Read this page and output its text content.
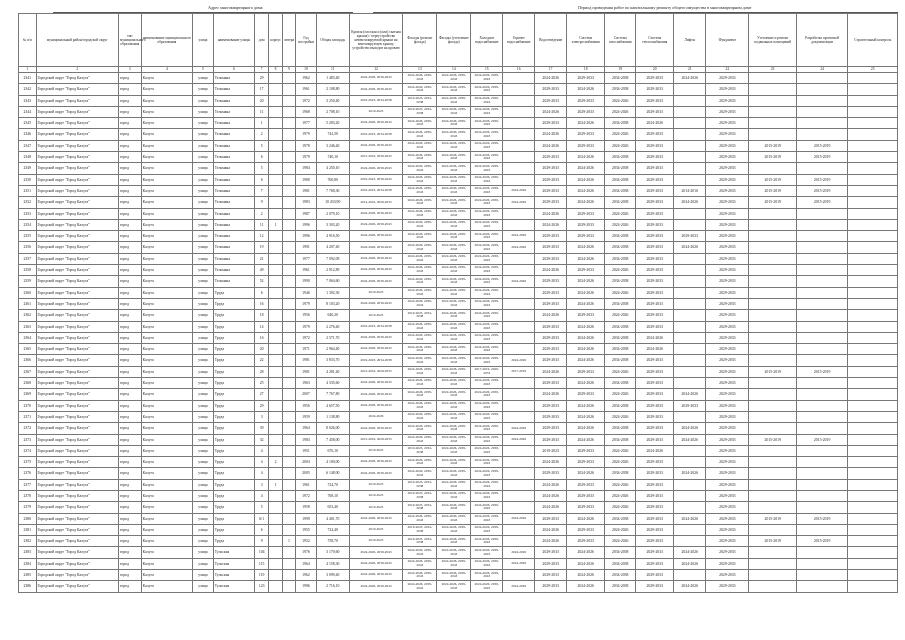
Адрес многоквартирного дома	Период проведения работ по капитальному ремонту общего имущества в многоквартирном доме
№ п/п	муниципальный район/городской округ	тип муниципального образования	наименование муниципального образования	улица	наименование улицы	дом	корпус	литера	Год постройки	Общая площадь	Кровля (плоская и (или) скатная крыша) / переустройство невентилируемой крыши на вентилируемую крышу, устройство выходов на кровлю	Фасады (ремонт фасада)	Фасады (утепление фасада)	Холодное водоснабжение	Горячее водоснабжение	Водоотведение	Система электроснабжения	Система газоснабжения	Система теплоснабжения	Лифты	Фундамент	Утепление и ремонт подвальных помещений	Разработка проектной документации	Строительный контроль
1	2	3	4	5	6	7	8	9	10	11	12	13	14	15	16	17	18	19	20	21	22	23	24	25
2341	Городской округ "Город Калуга"	город	Калуга	улица	Тельмана	29			1962	1 483,40	2024-2026, 2039-2043	2024-2026, 2039-2043	2024-2026, 2039-2043	2024-2026, 2039-2043		2024-2026	2029-2033	2034-2038	2029-2033	2024-2026	2029-2033			
2342	Городской округ "Город Калуга"	город	Калуга	улица	Тельмана	17			1961	2 108,80	2024-2026, 2039-2043	2024-2026, 2039-2043	2024-2026, 2039-2043	2024-2026, 2039-2043		2029-2033	2024-2026	2034-2038	2029-2033		2029-2033			
2343	Городской округ "Город Калуга"	город	Калуга	улица	Тельмана	20			1972	3 250,40	2019-2023, 2034-2038	2019-2023, 2034-2038	2024-2026, 2039-2043	2024-2026, 2039-2043		2029-2033	2029-2033	2024-2026	2029-2033		2029-2033			
2344	Городской округ "Город Калуга"	город	Калуга	улица	Тельмана	11			1968	2 708,10	2019-2023	2019-2023, 2034-2038	2024-2026, 2039-2043	2024-2026, 2039-2043		2024-2026	2029-2033	2024-2026	2029-2033		2029-2033			
2345	Городской округ "Город Калуга"	город	Калуга	улица	Тельмана	1			1977	5 283,20	2024-2026, 2039-2043	2024-2026, 2039-2043	2024-2026, 2039-2043	2024-2026, 2039-2043		2029-2033	2024-2026	2034-2038	2024-2026		2029-2033			
2346	Городской округ "Город Калуга"	город	Калуга	улица	Тельмана	2			1979	742,50	2019-2023, 2034-2038	2024-2026, 2039-2043	2024-2026, 2039-2043	2024-2026, 2039-2043		2024-2026	2029-2033	2024-2026	2029-2033		2029-2033			
2347	Городской округ "Город Калуга"	город	Калуга	улица	Тельмана	5			1978	3 246,40	2024-2026, 2039-2043	2024-2026, 2039-2043	2024-2026, 2039-2043	2024-2026, 2039-2043		2024-2026	2029-2033	2024-2026	2029-2033		2029-2033	2015-2019	2015-2019	
2348	Городской округ "Город Калуга"	город	Калуга	улица	Тельмана	6			1979	740,10	2015-2016, 2039-2043	2024-2026, 2039-2043	2024-2026, 2039-2043	2024-2026, 2039-2043		2029-2033	2024-2026	2034-2038	2029-2033		2029-2033	2015-2019	2015-2019	
2349	Городской округ "Город Калуга"	город	Калуга	улица	Тельмана	5			1984	4 250,10	2024-2026, 2039-2043	2024-2026, 2039-2043	2024-2026, 2039-2043	2024-2026, 2039-2043		2029-2033	2024-2026	2034-2038	2029-2033		2029-2033			
2350	Городской округ "Город Калуга"	город	Калуга	улица	Тельмана	6			1980	760,80	2019-2023, 2039-2043	2024-2026, 2039-2043	2024-2026, 2039-2043	2024-2026, 2039-2043		2029-2033	2024-2026	2034-2038	2029-2033		2029-2033	2015-2019	2015-2019	
2351	Городской округ "Город Калуга"	город	Калуга	улица	Тельмана	7			1981	7 768,30	2019-2023, 2034-2038	2024-2026, 2039-2043	2024-2026, 2039-2043	2024-2026, 2039-2043	2024-2026	2029-2033	2024-2026	2034-2038	2029-2033	2014-2016	2029-2033	2015-2019	2015-2019	
2352	Городской округ "Город Калуга"	город	Калуга	улица	Тельмана	9			1983	10 433,90	2014-2016, 2029-2033	2024-2026, 2039-2043	2024-2026, 2039-2043	2024-2026, 2039-2043	2024-2026	2029-2033	2024-2026	2034-2038	2029-2033	2024-2026	2029-2033	2015-2019	2015-2019	
2353	Городской округ "Город Калуга"	город	Калуга	улица	Тельмана	2			1987	2 079,10	2024-2026, 2039-2043	2024-2026, 2039-2043	2024-2026, 2039-2043	2024-2026, 2039-2043		2024-2026	2029-2033	2024-2026	2029-2033		2029-2033			
2354	Городской округ "Город Калуга"	город	Калуга	улица	Тельмана	11	1		1996	3 303,20	2024-2026, 2039-2043	2024-2026, 2039-2043	2024-2026, 2039-2043	2024-2026, 2039-2043		2024-2026	2029-2033	2024-2026	2029-2033		2029-2033			
2355	Городской округ "Город Калуга"	город	Калуга	улица	Тельмана	12			1996	4 916,50	2024-2026, 2039-2043	2024-2026, 2039-2043	2024-2026, 2039-2043	2024-2026, 2039-2043	2024-2026	2029-2033	2029-2033	2034-2038	2029-2033	2029-2033	2029-2033			
2356	Городской округ "Город Калуга"	город	Калуга	улица	Тельмана	19			1991	4 207,40	2024-2026, 2039-2043	2024-2026, 2039-2043	2024-2026, 2039-2043	2024-2026, 2039-2043	2024-2026	2029-2033	2024-2026	2034-2038	2029-2033	2024-2026	2029-2033			
2357	Городской округ "Город Калуга"	город	Калуга	улица	Тельмана	21			1977	7 092,09	2024-2026, 2039-2043	2024-2026, 2039-2043	2024-2026, 2039-2043	2024-2026, 2039-2043		2029-2033	2024-2026	2034-2038	2029-2033		2029-2033			
2358	Городской округ "Город Калуга"	город	Калуга	улица	Тельмана	49			1961	2 912,89	2024-2026, 2039-2043	2024-2026, 2039-2043	2024-2026, 2039-2043	2024-2026, 2039-2043		2024-2026	2029-2033	2024-2026	2029-2033		2029-2033			
2359	Городской округ "Город Калуга"	город	Калуга	улица	Тельмана	52			1990	7 064,60	2024-2026, 2039-2043	2024-2026, 2039-2043	2024-2026, 2039-2043	2024-2026, 2039-2043	2024-2026	2029-2033	2024-2026	2034-2038	2029-2033		2029-2033			
2360	Городской округ "Город Калуга"	город	Калуга	улица	Труда	6			1946	1 392,30	2019-2023	2024-2026, 2039-2043	2024-2026, 2039-2043	2024-2026, 2039-2043		2029-2033	2024-2026	2024-2026	2029-2033		2029-2033			
2361	Городской округ "Город Калуга"	город	Калуга	улица	Труда	16			1979	8 103,20	2024-2026, 2039-2043	2024-2026, 2039-2043	2024-2026, 2039-2043	2024-2026, 2039-2043		2029-2033	2024-2026	2034-2038	2029-2033		2029-2033			
2362	Городской округ "Город Калуга"	город	Калуга	улица	Труда	18			1956	640,20	2019-2023	2019-2023, 2034-2038	2024-2026, 2039-2043	2024-2026, 2039-2043		2024-2026	2029-2033	2024-2026	2029-2033		2029-2033			
2363	Городской округ "Город Калуга"	город	Калуга	улица	Труда	14			1979	2 276,40	2019-2023, 2034-2038	2024-2026, 2039-2043	2024-2026, 2039-2043	2024-2026, 2039-2043		2029-2033	2024-2026	2034-2038	2029-2033		2029-2033			
2364	Городской округ "Город Калуга"	город	Калуга	улица	Труда	16			1972	2 571,70	2024-2026, 2039-2043	2024-2026, 2039-2043	2024-2026, 2039-2043	2024-2026, 2039-2043		2029-2033	2024-2026	2034-2038	2024-2026		2029-2033			
2365	Городской округ "Город Калуга"	город	Калуга	улица	Труда	20			1971	2 964,40	2024-2026, 2039-2043	2024-2026, 2039-2043	2024-2026, 2039-2043	2024-2026, 2039-2043		2029-2033	2024-2026	2034-2038	2024-2026		2029-2033			
2366	Городской округ "Город Калуга"	город	Калуга	улица	Труда	22			1981	3 833,70	2019-2023, 2034-2038	2024-2026, 2039-2043	2024-2026, 2039-2043	2024-2026, 2039-2043	2024-2026	2029-2033	2024-2026	2034-2038	2029-2033		2029-2033			
2367	Городской округ "Город Калуга"	город	Калуга	улица	Труда	28			1981	4 281,40	2015-2016, 2029-2033	2024-2026, 2039-2043	2024-2026, 2039-2043	2017-2019, 2029-2033	2017-2019	2024-2026	2029-2033	2024-2026	2029-2033		2029-2033	2015-2019	2015-2019	
2368	Городской округ "Город Калуга"	город	Калуга	улица	Труда	25			1963	4 335,60	2024-2026, 2039-2043	2024-2026, 2039-2043	2024-2026, 2039-2043	2024-2026, 2039-2043		2029-2033	2024-2026	2034-2038	2029-2033		2029-2033			
2369	Городской округ "Город Калуга"	город	Калуга	улица	Труда	27			2007	7 767,80	2024-2026, 2039-2043	2024-2026, 2039-2043	2024-2026, 2039-2043	2024-2026, 2039-2043		2024-2026	2029-2033	2024-2026	2029-2033	2024-2026	2029-2033			
2370	Городской округ "Город Калуга"	город	Калуга	улица	Труда	29			1956	4 657,50	2024-2026, 2039-2043	2024-2026, 2039-2043	2024-2026, 2039-2043	2024-2026, 2039-2043		2029-2033	2024-2026	2034-2038	2029-2033	2029-2033	2029-2033			
2371	Городской округ "Город Калуга"	город	Калуга	улица	Труда	3			1959	1 138,80	2024-2026	2024-2026, 2039-2043	2024-2026, 2039-2043	2024-2026, 2039-2043		2029-2033	2024-2026	2024-2026	2029-2033		2029-2033			
2372	Городской округ "Город Калуга"	город	Калуга	улица	Труда	39			1964	8 026,00	2024-2026, 2039-2043	2024-2026, 2039-2043	2024-2026, 2039-2043	2024-2026, 2039-2043	2024-2026	2029-2033	2024-2026	2034-2038	2029-2033	2024-2026	2029-2033			
2373	Городской округ "Город Калуга"	город	Калуга	улица	Труда	32			1983	7 458,00	2015-2016, 2029-2033	2024-2026, 2039-2043	2024-2026, 2039-2043	2024-2026, 2039-2043	2024-2026	2029-2033	2024-2026	2034-2038	2029-2033	2024-2026	2029-2033	2015-2019	2015-2019	
2374	Городской округ "Город Калуга"	город	Калуга	улица	Труда	4			1951	676,10	2019-2023	2019-2023, 2034-2038	2024-2026, 2039-2043	2024-2026, 2039-2043		2019-2023	2029-2033	2024-2026	2024-2026		2029-2033			
2375	Городской округ "Город Калуга"	город	Калуга	улица	Труда	4	2		2004	4 100,00	2024-2026, 2039-2043	2024-2026, 2039-2043	2024-2026, 2039-2043	2024-2026, 2039-2043		2024-2026	2029-2033	2024-2026	2029-2033		2029-2033			
2376	Городской округ "Город Калуга"	город	Калуга	улица	Труда	4			2005	6 148,00	2024-2026, 2039-2043	2024-2026, 2039-2043	2024-2026, 2039-2043	2024-2026, 2039-2043		2029-2033	2024-2026	2034-2038	2029-2033	2024-2026	2029-2033			
2377	Городской округ "Город Калуга"	город	Калуга	улица	Труда	3	1		1961	724,70	2019-2023	2019-2023, 2034-2038	2024-2026, 2039-2043	2024-2026, 2039-2043		2024-2026	2029-2033	2024-2026	2029-2033		2029-2033			
2378	Городской округ "Город Калуга"	город	Калуга	улица	Труда	4			1972	768,10	2019-2023	2019-2023, 2034-2038	2024-2026, 2039-2043	2024-2026, 2039-2043		2024-2026	2029-2033	2024-2026	2029-2033		2029-2033			
2379	Городской округ "Город Калуга"	город	Калуга	улица	Труда	5			1958	653,40	2019-2023	2019-2023, 2034-2038	2024-2026, 2039-2043	2024-2026, 2039-2043		2024-2026	2029-2033	2024-2026	2029-2033		2029-2033			
2380	Городской округ "Город Калуга"	город	Калуга	улица	Труда	6/1			1999	4 401,70	2024-2026, 2039-2043	2024-2026, 2039-2043	2024-2026, 2039-2043	2024-2026, 2039-2043	2024-2026	2029-2033	2024-2026	2034-2038	2029-2033	2024-2026	2029-2033	2015-2019	2015-2019	
2381	Городской округ "Город Калуга"	город	Калуга	улица	Труда	6			1955	722,40	2019-2023	2019-2023, 2034-2038	2024-2026, 2039-2043	2024-2026, 2039-2043		2024-2026	2029-2033	2024-2026	2029-2033		2029-2033			
2382	Городской округ "Город Калуга"	город	Калуга	улица	Труда	9		1	1952	758,70	2019-2023	2019-2023, 2034-2038	2024-2026, 2039-2043	2024-2026, 2039-2043		2024-2026	2029-2033	2024-2026	2029-2033		2029-2033	2015-2019	2015-2019	
2383	Городской округ "Город Калуга"	город	Калуга	улица	Тульская	104			1976	3 170,60	2024-2026, 2039-2043	2024-2026, 2039-2043	2024-2026, 2039-2043	2024-2026, 2039-2043	2024-2026	2029-2033	2024-2026	2034-2038	2029-2033	2024-2026	2029-2033			
2384	Городской округ "Город Калуга"	город	Калуга	улица	Тульская	115			1964	4 158,30	2024-2026, 2039-2043	2024-2026, 2039-2043	2024-2026, 2039-2043	2024-2026, 2039-2043	2024-2026	2029-2033	2024-2026	2034-2038	2029-2033	2024-2026	2029-2033			
2385	Городской округ "Город Калуга"	город	Калуга	улица	Тульская	119			1962	3 099,40	2024-2026, 2039-2043	2024-2026, 2039-2043	2024-2026, 2039-2043	2024-2026, 2039-2043		2029-2033	2024-2026	2034-2038	2029-2033		2029-2033			
2386	Городской округ "Город Калуга"	город	Калуга	улица	Тульская	123			1986	2 716,10	2024-2026, 2039-2043	2024-2026, 2039-2043	2024-2026, 2039-2043	2024-2026, 2039-2043	2024-2026	2029-2033	2024-2026	2034-2038	2029-2033	2024-2026	2029-2033			
